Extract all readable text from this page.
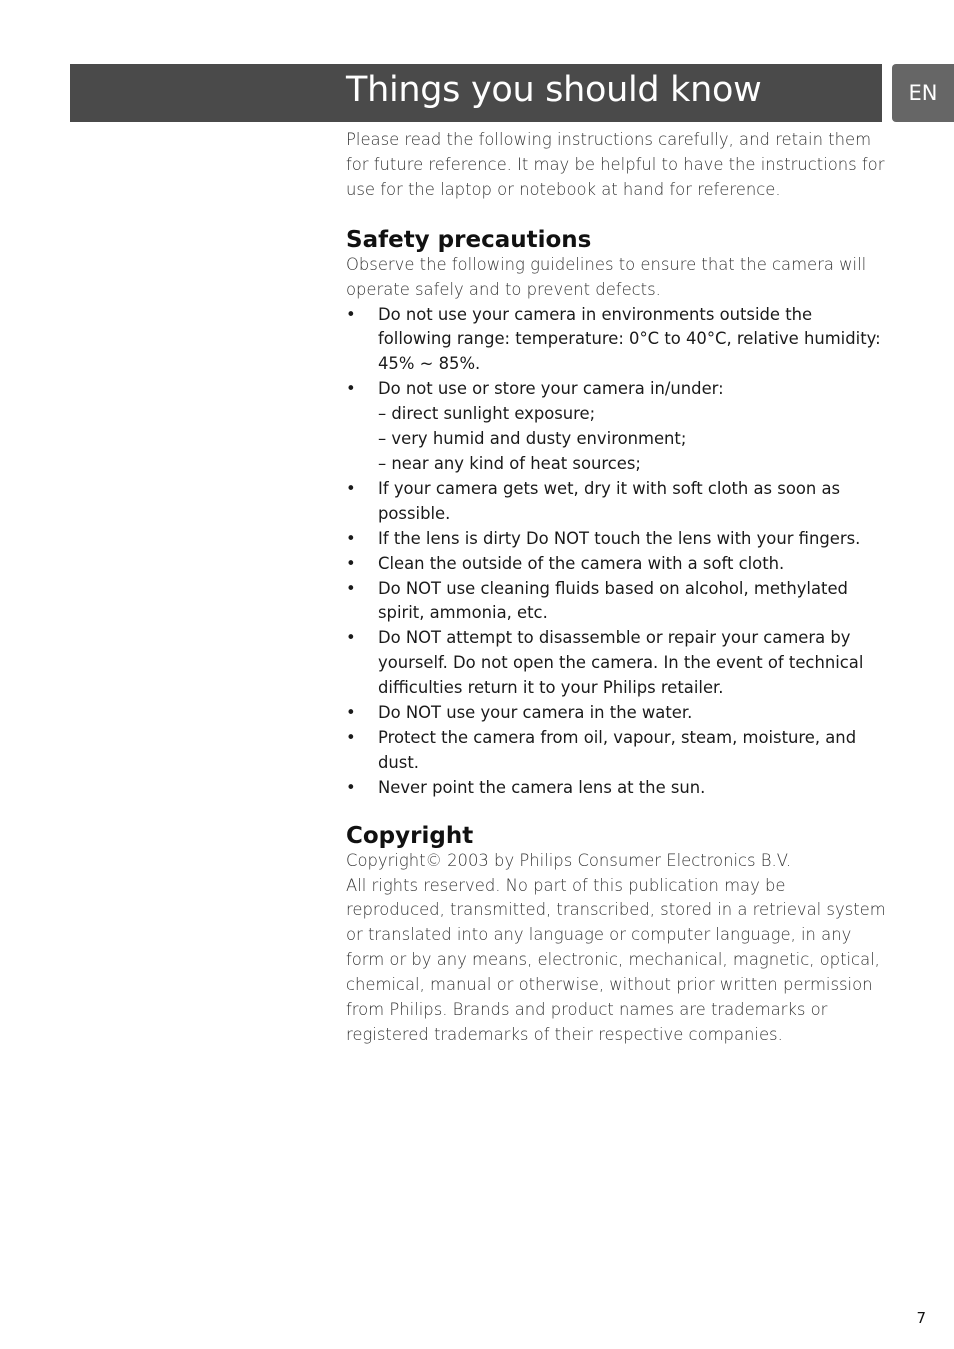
Things you should know	EN

Please read the following instructions carefully, and retain them for future reference. It may be helpful to have the instructions for use for the laptop or notebook at hand for reference.

Safety precautions

Observe the following guidelines to ensure that the camera will operate safely and to prevent defects.

• Do not use your camera in environments outside the following range: temperature: 0°C to 40°C, relative humidity: 45% ~ 85%.
• Do not use or store your camera in/under:
– direct sunlight exposure;
– very humid and dusty environment;
– near any kind of heat sources;
• If your camera gets wet, dry it with soft cloth as soon as possible.
• If the lens is dirty Do NOT touch the lens with your fingers.
• Clean the outside of the camera with a soft cloth.
• Do NOT use cleaning fluids based on alcohol, methylated spirit, ammonia, etc.
• Do NOT attempt to disassemble or repair your camera by yourself. Do not open the camera. In the event of technical difficulties return it to your Philips retailer.
• Do NOT use your camera in the water.
• Protect the camera from oil, vapour, steam, moisture, and dust.
• Never point the camera lens at the sun.
Copyright

Copyright© 2003 by Philips Consumer Electronics B.V.

All rights reserved. No part of this publication may be reproduced, transmitted, transcribed, stored in a retrieval system or translated into any language or computer language, in any form or by any means, electronic, mechanical, magnetic, optical, chemical, manual or otherwise, without prior written permission from Philips. Brands and product names are trademarks or registered trademarks of their respective companies.

7
